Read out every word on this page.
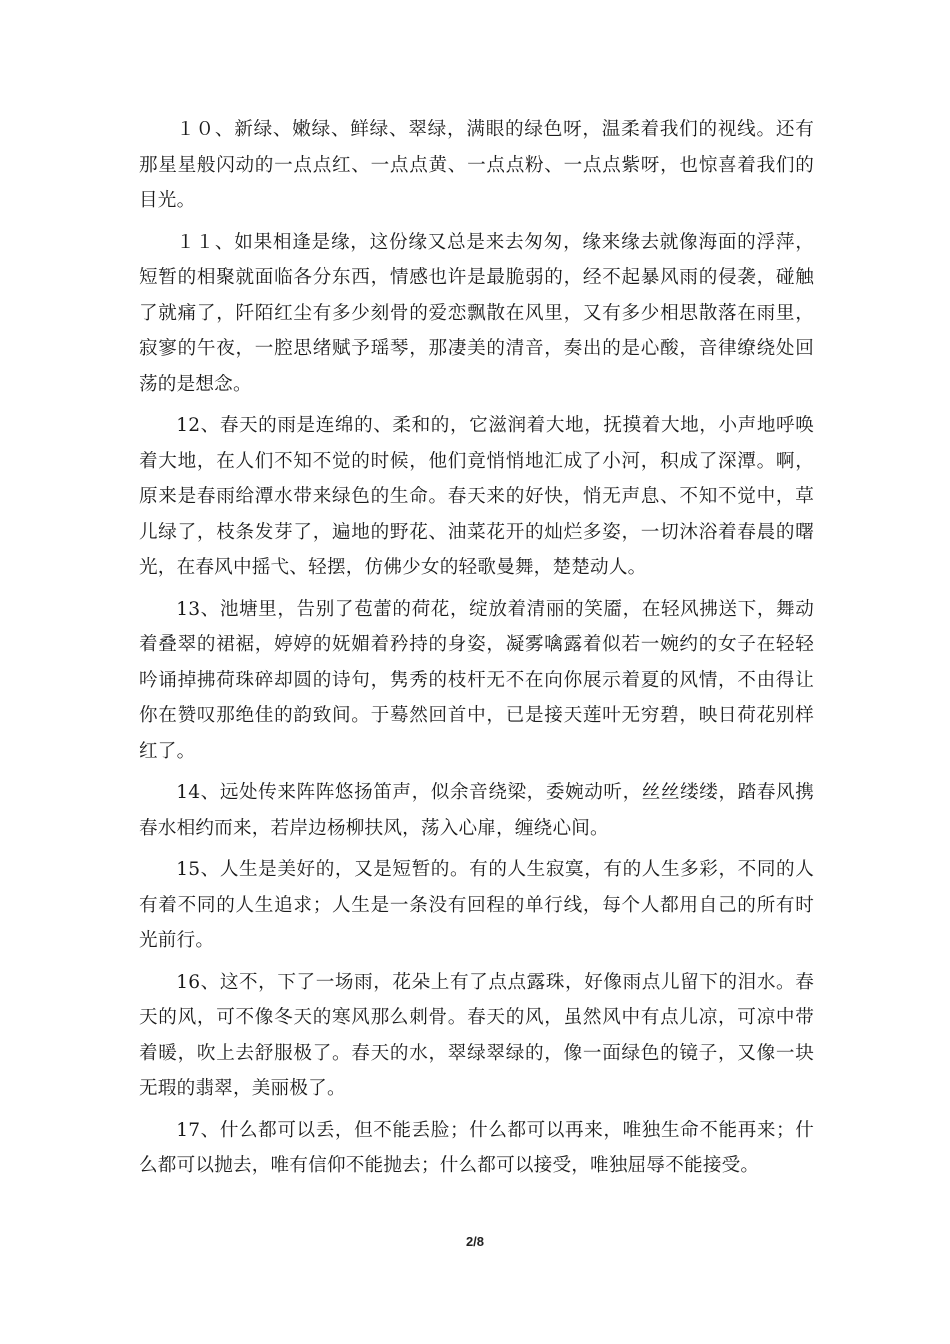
１０、新绿、嫩绿、鲜绿、翠绿，满眼的绿色呀，温柔着我们的视线。还有那星星般闪动的一点点红、一点点黄、一点点粉、一点点紫呀，也惊喜着我们的目光。

１１、如果相逢是缘，这份缘又总是来去匆匆，缘来缘去就像海面的浮萍，短暂的相聚就面临各分东西，情感也许是最脆弱的，经不起暴风雨的侵袭，碰触了就痛了，阡陌红尘有多少刻骨的爱恋飘散在风里，又有多少相思散落在雨里，寂寥的午夜，一腔思绪赋予瑶琴，那凄美的清音，奏出的是心酸，音律缭绕处回荡的是想念。

12、春天的雨是连绵的、柔和的，它滋润着大地，抚摸着大地，小声地呼唤着大地，在人们不知不觉的时候，他们竟悄悄地汇成了小河，积成了深潭。啊，原来是春雨给潭水带来绿色的生命。春天来的好快，悄无声息、不知不觉中，草儿绿了，枝条发芽了，遍地的野花、油菜花开的灿烂多姿，一切沐浴着春晨的曙光，在春风中摇弋、轻摆，仿佛少女的轻歌曼舞，楚楚动人。

13、池塘里，告别了苞蕾的荷花，绽放着清丽的笑靥，在轻风拂送下，舞动着叠翠的裙裾，婷婷的妩媚着矜持的身姿，凝雾噙露着似若一婉约的女子在轻轻吟诵掉拂荷珠碎却圆的诗句，隽秀的枝杆无不在向你展示着夏的风情，不由得让你在赞叹那绝佳的韵致间。于蓦然回首中，已是接天莲叶无穷碧，映日荷花别样红了。

14、远处传来阵阵悠扬笛声，似余音绕梁，委婉动听，丝丝缕缕，踏春风携春水相约而来，若岸边杨柳扶风，荡入心扉，缠绕心间。

15、人生是美好的，又是短暂的。有的人生寂寞，有的人生多彩，不同的人有着不同的人生追求；人生是一条没有回程的单行线，每个人都用自己的所有时光前行。

16、这不，下了一场雨，花朵上有了点点露珠，好像雨点儿留下的泪水。春天的风，可不像冬天的寒风那么刺骨。春天的风，虽然风中有点儿凉，可凉中带着暖，吹上去舒服极了。春天的水，翠绿翠绿的，像一面绿色的镜子，又像一块无瑕的翡翠，美丽极了。

17、什么都可以丢，但不能丢脸；什么都可以再来，唯独生命不能再来；什么都可以抛去，唯有信仰不能抛去；什么都可以接受，唯独屈辱不能接受。

2/8
